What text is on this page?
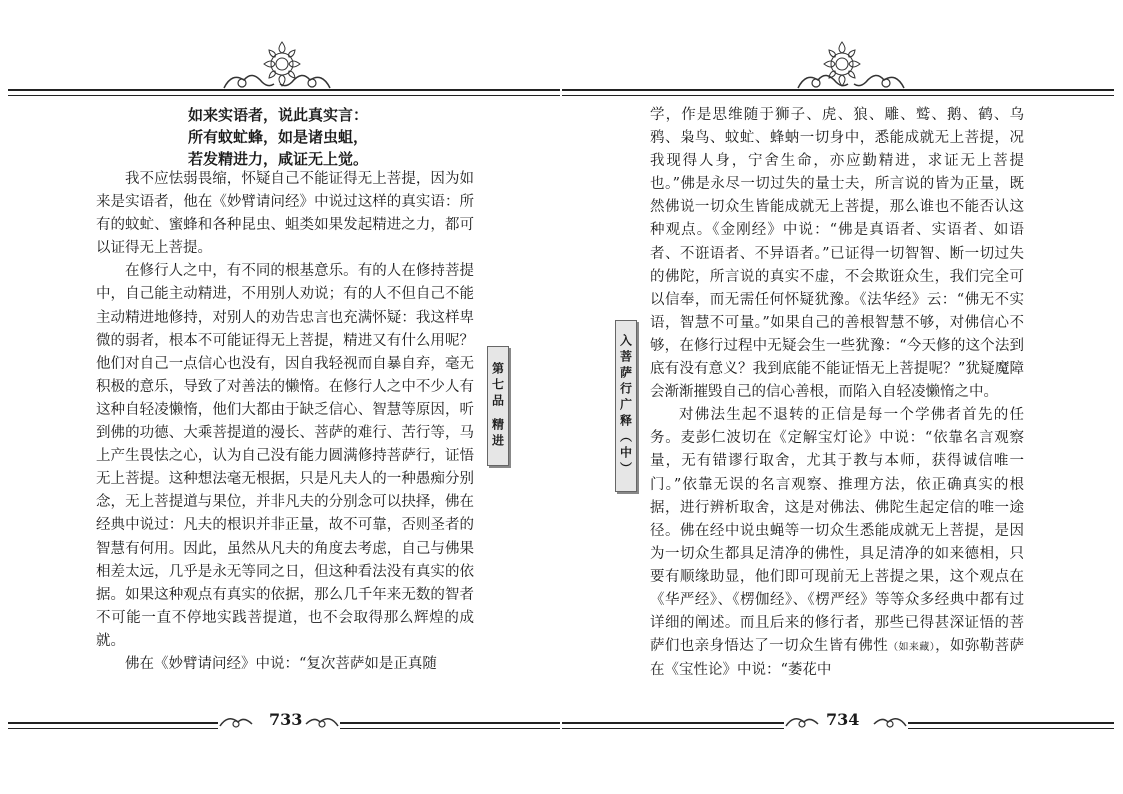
如来实语者，说此真实言：
所有蚊虻蜂，如是诸虫蛆，
若发精进力，咸证无上觉。

我不应怯弱畏缩，怀疑自己不能证得无上菩提，因为如来是实语者，他在《妙臂请问经》中说过这样的真实语：所有的蚊虻、蜜蜂和各种昆虫、蛆类如果发起精进之力，都可以证得无上菩提。

在修行人之中，有不同的根基意乐。有的人在修持菩提中，自己能主动精进，不用别人劝说；有的人不但自己不能主动精进地修持，对别人的劝告忠言也充满怀疑：我这样卑微的弱者，根本不可能证得无上菩提，精进又有什么用呢？他们对自己一点信心也没有，因自我轻视而自暴自弃，毫无积极的意乐，导致了对善法的懒惰。在修行人之中不少人有这种自轻凌懒惰，他们大都由于缺乏信心、智慧等原因，听到佛的功德、大乘菩提道的漫长、菩萨的难行、苦行等，马上产生畏怯之心，认为自己没有能力圆满修持菩萨行，证悟无上菩提。这种想法毫无根据，只是凡夫人的一种愚痴分别念，无上菩提道与果位，并非凡夫的分别念可以抉择，佛在经典中说过：凡夫的根识并非正量，故不可靠，否则圣者的智慧有何用。因此，虽然从凡夫的角度去考虑，自己与佛果相差太远，几乎是永无等同之日，但这种看法没有真实的依据。如果这种观点有真实的依据，那么几千年来无数的智者不可能一直不停地实践菩提道，也不会取得那么辉煌的成就。

佛在《妙臂请问经》中说：“复次菩萨如是正真随

第七品 精进
733
入菩萨行广释（中）

学，作是思维随于狮子、虎、狼、雕、鹫、鹅、鹤、乌鸦、枭鸟、蚊虻、蜂蚋一切身中，悉能成就无上菩提，况我现得人身，宁舍生命，亦应勤精进，求证无上菩提也。”佛是永尽一切过失的量士夫，所言说的皆为正量，既然佛说一切众生皆能成就无上菩提，那么谁也不能否认这种观点。《金刚经》中说：“佛是真语者、实语者、如语者、不诳语者、不异语者。”已证得一切智智、断一切过失的佛陀，所言说的真实不虚，不会欺诳众生，我们完全可以信奉，而无需任何怀疑犹豫。《法华经》云：“佛无不实语，智慧不可量。”如果自己的善根智慧不够，对佛信心不够，在修行过程中无疑会生一些犹豫：“今天修的这个法到底有没有意义？我到底能不能证悟无上菩提呢？”犹疑魔障会渐渐摧毁自己的信心善根，而陷入自轻凌懒惰之中。

对佛法生起不退转的正信是每一个学佛者首先的任务。麦彭仁波切在《定解宝灯论》中说：“依靠名言观察量，无有错谬行取舍，尤其于教与本师，获得诚信唯一门。”依靠无误的名言观察、推理方法，依正确真实的根据，进行辨析取舍，这是对佛法、佛陀生起定信的唯一途径。佛在经中说虫蝇等一切众生悉能成就无上菩提，是因为一切众生都具足清净的佛性，具足清净的如来德相，只要有顺缘助显，他们即可现前无上菩提之果，这个观点在《华严经》、《楞伽经》、《楞严经》等等众多经典中都有过详细的阐述。而且后来的修行者，那些已得甚深证悟的菩萨们也亲身悟达了一切众生皆有佛性（如来藏），如弥勒菩萨在《宝性论》中说：“萎花中

734
